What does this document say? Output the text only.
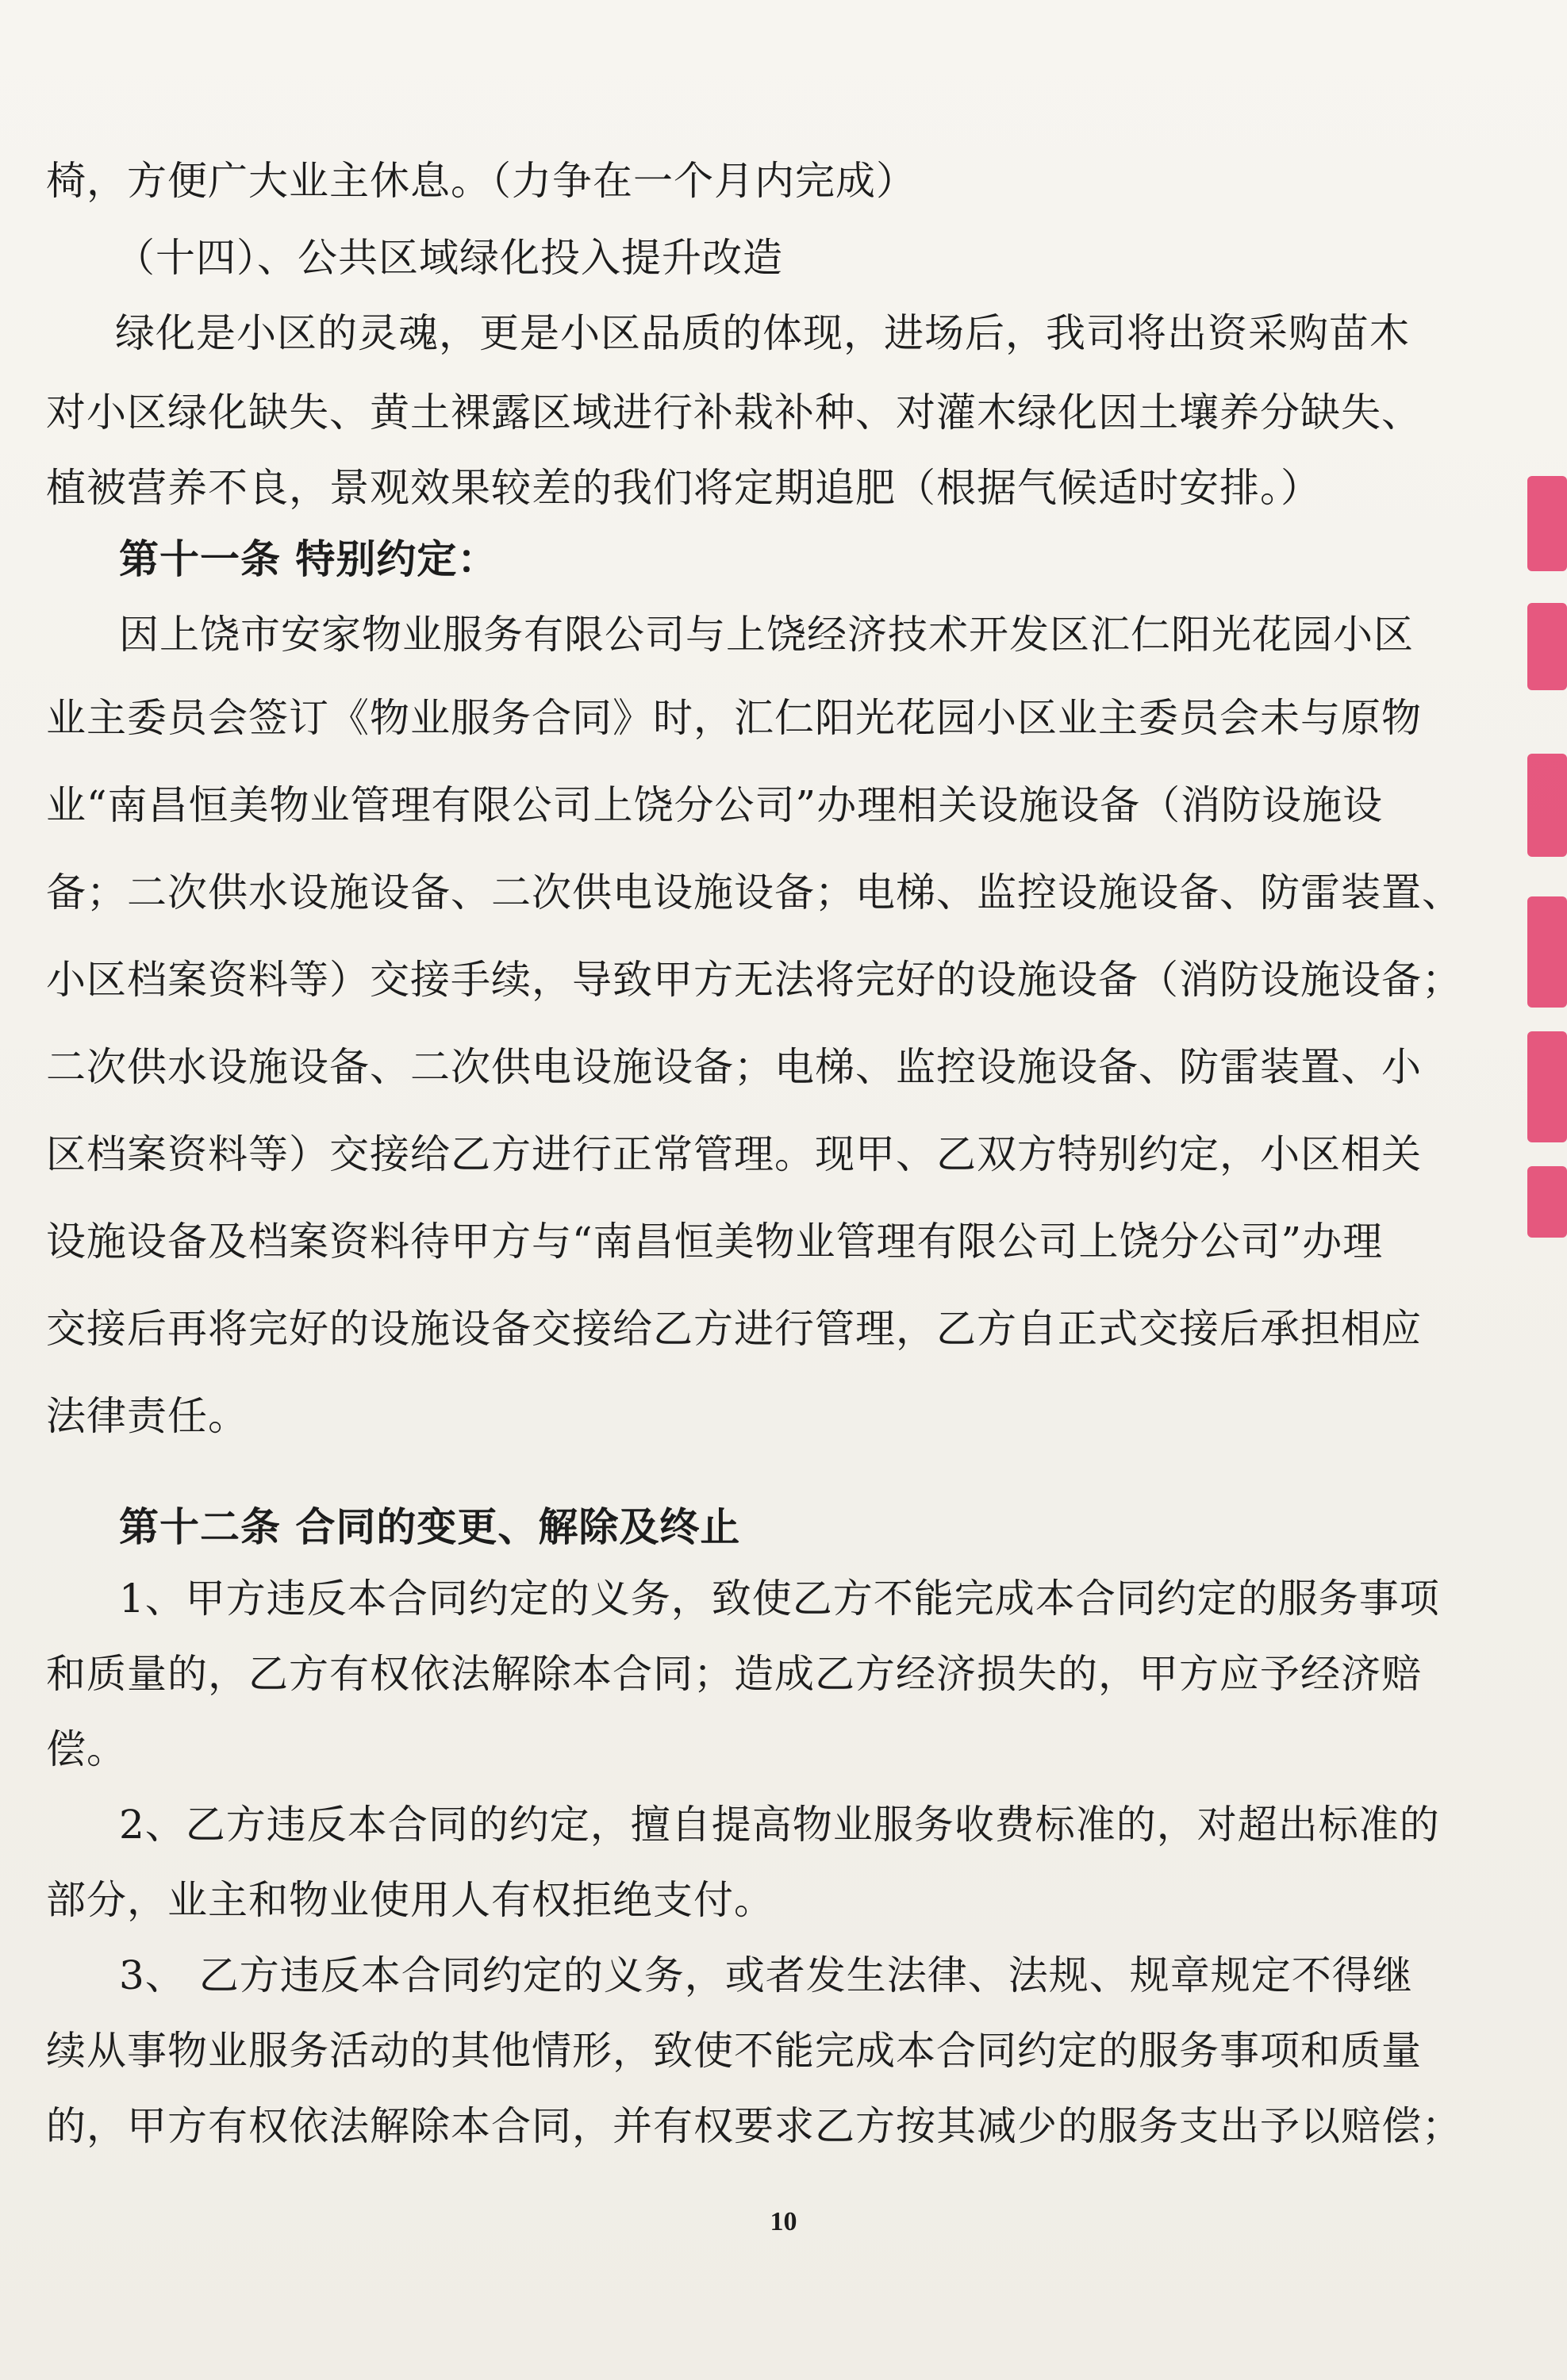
椅，方便广大业主休息。（力争在一个月内完成）
（十四）、公共区域绿化投入提升改造
绿化是小区的灵魂，更是小区品质的体现，进场后，我司将出资采购苗木
对小区绿化缺失、黄土裸露区域进行补栽补种、对灌木绿化因土壤养分缺失、
植被营养不良，景观效果较差的我们将定期追肥（根据气候适时安排。）
第十一条 特别约定：
因上饶市安家物业服务有限公司与上饶经济技术开发区汇仁阳光花园小区
业主委员会签订《物业服务合同》时，汇仁阳光花园小区业主委员会未与原物
业“南昌恒美物业管理有限公司上饶分公司”办理相关设施设备（消防设施设
备；二次供水设施设备、二次供电设施设备；电梯、监控设施设备、防雷装置、
小区档案资料等）交接手续，导致甲方无法将完好的设施设备（消防设施设备；
二次供水设施设备、二次供电设施设备；电梯、监控设施设备、防雷装置、小
区档案资料等）交接给乙方进行正常管理。现甲、乙双方特别约定，小区相关
设施设备及档案资料待甲方与“南昌恒美物业管理有限公司上饶分公司”办理
交接后再将完好的设施设备交接给乙方进行管理，乙方自正式交接后承担相应
法律责任。
第十二条 合同的变更、解除及终止
1、甲方违反本合同约定的义务，致使乙方不能完成本合同约定的服务事项
和质量的，乙方有权依法解除本合同；造成乙方经济损失的，甲方应予经济赔
偿。
2、乙方违反本合同的约定，擅自提高物业服务收费标准的，对超出标准的
部分，业主和物业使用人有权拒绝支付。
3、 乙方违反本合同约定的义务，或者发生法律、法规、规章规定不得继
续从事物业服务活动的其他情形，致使不能完成本合同约定的服务事项和质量
的，甲方有权依法解除本合同，并有权要求乙方按其减少的服务支出予以赔偿；
10
